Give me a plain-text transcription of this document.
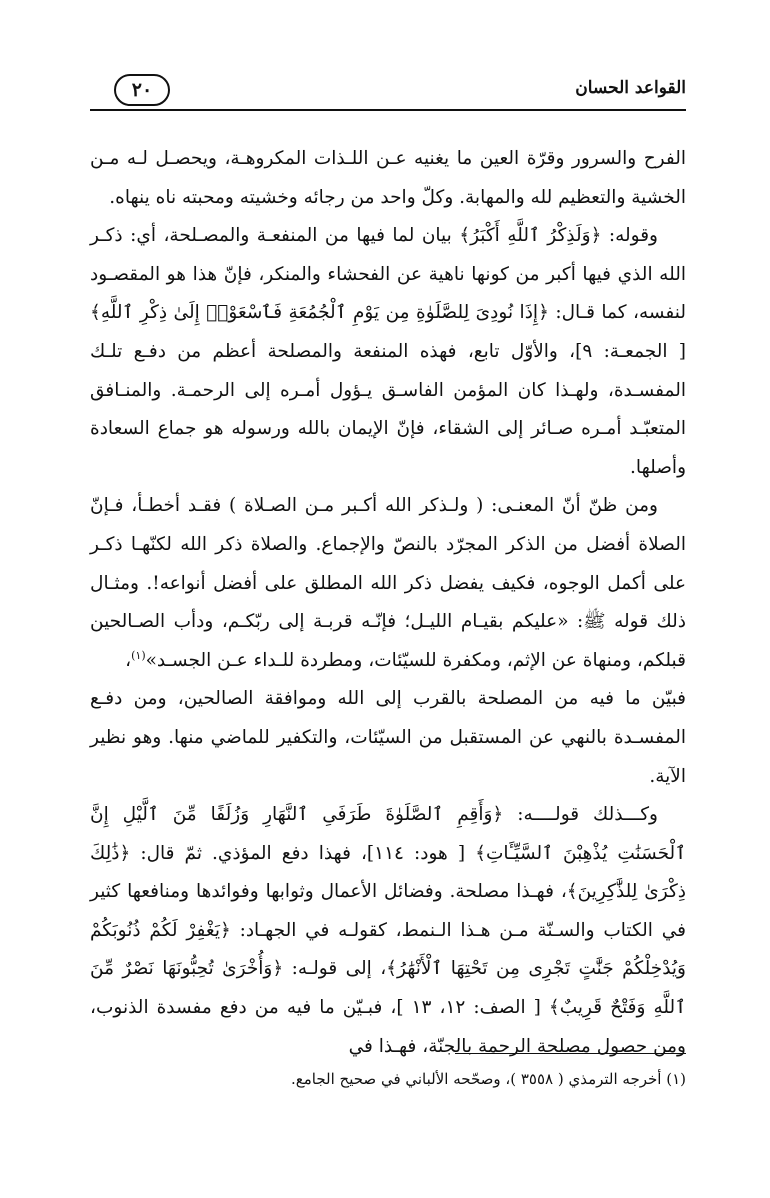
القواعد الحسان
٢٠

الفرح والسرور وقرّة العين ما يغنيه عـن اللـذات المكروهـة، ويحصـل لـه مـن الخشية والتعظيم لله والمهابة. وكلّ واحد من رجائه وخشيته ومحبته ناه ينهاه.

وقوله: ﴿وَلَذِكْرُ ٱللَّهِ أَكْبَرُ﴾ بيان لما فيها من المنفعـة والمصـلحة، أي: ذكـر الله الذي فيها أكبر من كونها ناهية عن الفحشاء والمنكر، فإنّ هذا هو المقصـود لنفسه، كما قـال: ﴿إِذَا نُودِىَ لِلصَّلَوٰةِ مِن يَوْمِ ٱلْجُمُعَةِ فَٱسْعَوْا۟ إِلَىٰ ذِكْرِ ٱللَّهِ﴾[ الجمعـة: ٩]، والأوّل تابع، فهذه المنفعة والمصلحة أعظم من دفـع تلـك المفسـدة، ولهـذا كان المؤمن الفاسـق يـؤول أمـره إلى الرحمـة. والمنـافق المتعبّـد أمـره صـائر إلى الشقاء، فإنّ الإيمان بالله ورسوله هو جماع السعادة وأصلها.

ومن ظنّ أنّ المعنـى: ( ولـذكر الله أكـبر مـن الصـلاة ) فقـد أخطـأ، فـإنّ الصلاة أفضل من الذكر المجرّد بالنصّ والإجماع. والصلاة ذكر الله لكنّهـا ذكـر على أكمل الوجوه، فكيف يفضل ذكر الله المطلق على أفضل أنواعه!. ومثـال ذلك قوله ﷺ: «عليكم بقيـام الليـل؛ فإنّـه قربـة إلى ربّكـم، ودأب الصـالحين قبلكم، ومنهاة عن الإثم، ومكفرة للسيّئات، ومطردة للـداء عـن الجسـد»$^{(١)}$،

فبيّن ما فيه من المصلحة بالقرب إلى الله وموافقة الصالحين، ومن دفـع المفسـدة بالنهي عن المستقبل من السيّئات، والتكفير للماضي منها. وهو نظير الآية.

وكـــذلك قولــــه: ﴿وَأَقِمِ ٱلصَّلَوٰةَ طَرَفَىِ ٱلنَّهَارِ وَزُلَفًا مِّنَ ٱلَّيْلِ إِنَّ ٱلْحَسَنَٰتِ يُذْهِبْنَ ٱلسَّيِّـَٔاتِ﴾ [ هود: ١١٤]، فهذا دفع المؤذي. ثمّ قال: ﴿ذَٰلِكَ ذِكْرَىٰ لِلذَّٰكِرِينَ﴾، فهـذا مصلحة. وفضائل الأعمال وثوابها وفوائدها ومنافعها كثير في الكتاب والسـنّة مـن هـذا الـنمط، كقولـه في الجهـاد: ﴿يَغْفِرْ لَكُمْ ذُنُوبَكُمْ وَيُدْخِلْكُمْ جَنَّٰتٍ تَجْرِى مِن تَحْتِهَا ٱلْأَنْهَٰرُ﴾، إلى قولـه: ﴿وَأُخْرَىٰ تُحِبُّونَهَا نَصْرٌ مِّنَ ٱللَّهِ وَفَتْحٌ قَرِيبٌ﴾ [ الصف: ١٢، ١٣ ]، فبـيّن ما فيه من دفع مفسدة الذنوب، ومن حصول مصلحة الرحمة بالجنّة، فهـذا في

(١) أخرجه الترمذي ( ٣٥٥٨ )، وصحّحه الألباني في صحيح الجامع.
